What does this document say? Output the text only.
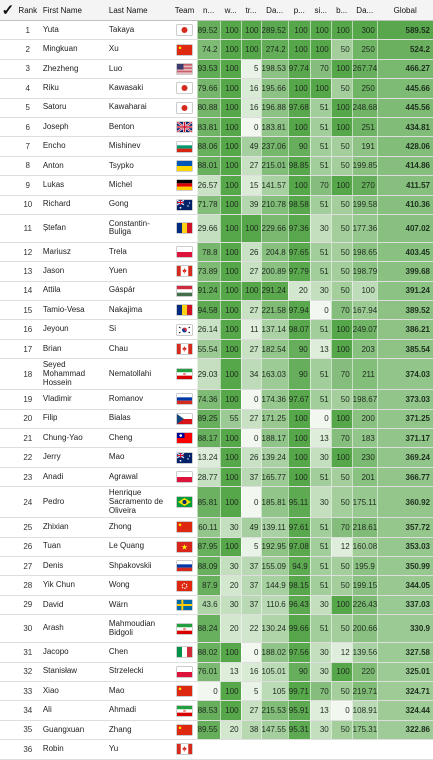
✓	Rank	First Name	Last Name	Team	n...	w...	tr...	Da...	p...	si...	b...	Da...	Global
	1	Yuta	Takaya		89.52	100	100	289.52	100	100	100	300	589.52
	2	Mingkuan	Xu		74.2	100	100	274.2	100	100	50	250	524.2
	3	Zhezheng	Luo		93.53	100	5	198.53	97.74	70	100	267.74	466.27
	4	Riku	Kawasaki		79.66	100	16	195.66	100	100	50	250	445.66
	5	Satoru	Kawaharai		80.88	100	16	196.88	97.68	51	100	248.68	445.56
	6	Joseph	Benton		83.81	100	0	183.81	100	51	100	251	434.81
	7	Encho	Mishinev		88.06	100	49	237.06	90	51	50	191	428.06
	8	Anton	Tsypko		88.01	100	27	215.01	98.85	51	50	199.85	414.86
	9	Lukas	Michel		26.57	100	15	141.57	100	70	100	270	411.57
	10	Richard	Gong		71.78	100	39	210.78	98.58	51	50	199.58	410.36
	11	Ștefan	Constantin-Buliga		29.66	100	100	229.66	97.36	30	50	177.36	407.02
	12	Mariusz	Trela		78.8	100	26	204.8	97.65	51	50	198.65	403.45
	13	Jason	Yuen		73.89	100	27	200.89	97.79	51	50	198.79	399.68
	14	Attila	Gáspár		91.24	100	100	291.24	20	30	50	100	391.24
	15	Tamio-Vesa	Nakajima		94.58	100	27	221.58	97.94	0	70	167.94	389.52
	16	Jeyoun	Si		26.14	100	11	137.14	98.07	51	100	249.07	386.21
	17	Brian	Chau		55.54	100	27	182.54	90	13	100	203	385.54
	18	Seyed Mohammad Hossein	Nematollahi		29.03	100	34	163.03	90	51	70	211	374.03
	19	Vladimir	Romanov		74.36	100	0	174.36	97.67	51	50	198.67	373.03
	20	Filip	Bialas		89.25	55	27	171.25	100	0	100	200	371.25
	21	Chung-Yao	Cheng		88.17	100	0	188.17	100	13	70	183	371.17
	22	Jerry	Mao		13.24	100	26	139.24	100	30	100	230	369.24
	23	Anadi	Agrawal		28.77	100	37	165.77	100	51	50	201	366.77
	24	Pedro	Henrique Sacramento de Oliveira		85.81	100	0	185.81	95.11	30	50	175.11	360.92
	25	Zhixian	Zhong		60.11	30	49	139.11	97.61	51	70	218.61	357.72
	26	Tuan	Le Quang		87.95	100	5	192.95	97.08	51	12	160.08	353.03
	27	Denis	Shpakovskii		88.09	30	37	155.09	94.9	51	50	195.9	350.99
	28	Yik Chun	Wong		87.9	20	37	144.9	98.15	51	50	199.15	344.05
	29	David	Wärn		43.6	30	37	110.6	96.43	30	100	226.43	337.03
	30	Arash	Mahmoudian Bidgoli		88.24	20	22	130.24	99.66	51	50	200.66	330.9
	31	Jacopo	Chen		88.02	100	0	188.02	97.56	30	12	139.56	327.58
	32	Stanisław	Strzelecki		76.01	13	16	105.01	90	30	100	220	325.01
	33	Xiao	Mao		0	100	5	105	99.71	70	50	219.71	324.71
	34	Ali	Ahmadi		88.53	100	27	215.53	95.91	13	0	108.91	324.44
	35	Guangxuan	Zhang		89.55	20	38	147.55	95.31	30	50	175.31	322.86
	36	Robin	Yu										
